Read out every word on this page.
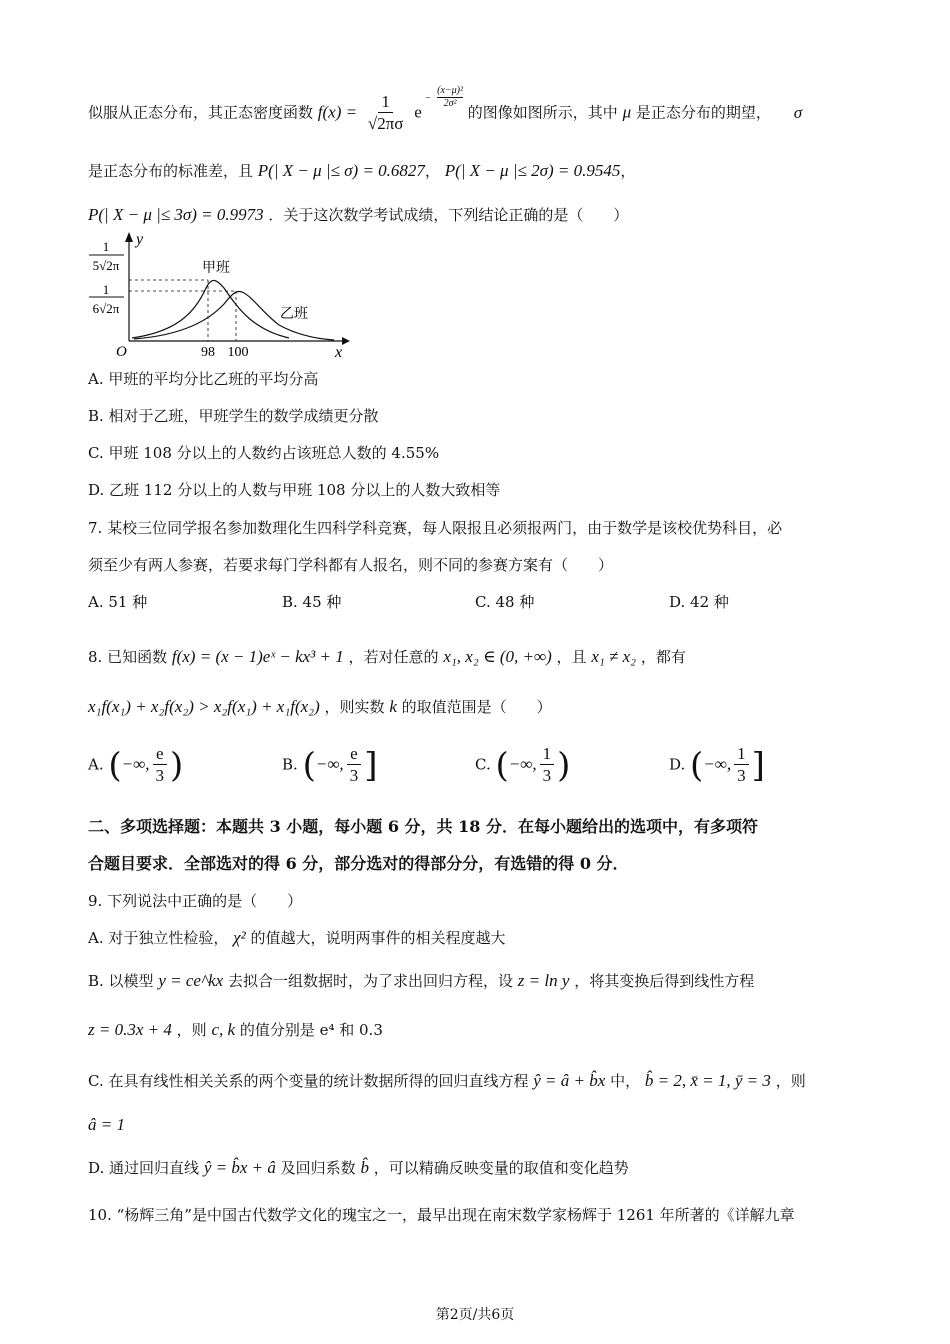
似服从正态分布，其正态密度函数 $f(x) = \frac{1}{√2\pi\sigma}$ $e - \frac{\text{(x−μ)²}}{\text{2σ²}}$
的图像如图所示，其中 μ 是正态分布的期望， σ
是正态分布的标准差，且 P(| X − μ |≤ σ) = 0.6827， P(| X − μ |≤ 2σ) = 0.9545，
P(| X − μ |≤ 3σ) = 0.9973 ．关于这次数学考试成绩，下列结论正确的是（　　）
y
x
O
1
5√2π
1
6√2π
98 100
甲班
乙班
A. 甲班的平均分比乙班的平均分高
B. 相对于乙班，甲班学生的数学成绩更分散
C. 甲班 108 分以上的人数约占该班总人数的 4.55%
D. 乙班 112 分以上的人数与甲班 108 分以上的人数大致相等
7. 某校三位同学报名参加数理化生四科学科竞赛，每人限报且必须报两门，由于数学是该校优势科目，必
须至少有两人参赛，若要求每门学科都有人报名，则不同的参赛方案有（　　）
A. 51 种	B. 45 种	C. 48 种	D. 42 种
8. 已知函数 f(x) = (x − 1)eˣ − kx³ + 1 ，若对任意的 x₁, x₂ ∈ (0, +∞) ，且 x₁ ≠ x₂ ，都有
x₁f(x₁) + x₂f(x₂) > x₂f(x₁) + x₁f(x₂) ，则实数 k 的取值范围是（　　）
A. (−∞, $\frac{e}{3}$ )	B. (−∞, $\frac{e}{3}$ ]	C. (−∞, $\frac{1}{3}$ )	D. (−∞, $\frac{1}{3}$ ]
二、多项选择题：本题共 3 小题，每小题 6 分，共 18 分．在每小题给出的选项中，有多项符
合题目要求．全部选对的得 6 分，部分选对的得部分分，有选错的得 0 分．
9. 下列说法中正确的是（　　）
A. 对于独立性检验， χ² 的值越大，说明两事件的相关程度越大
B. 以模型 y = ce^kx 去拟合一组数据时，为了求出回归方程，设 z = ln y ，将其变换后得到线性方程
z = 0.3x + 4 ，则 c, k 的值分别是 e⁴ 和 0.3
C. 在具有线性相关关系的两个变量的统计数据所得的回归直线方程 ŷ = â + b̂x 中， b̂ = 2, x̄ = 1, ȳ = 3 ，则
â = 1
D. 通过回归直线 ŷ = b̂x + â 及回归系数 b̂ ，可以精确反映变量的取值和变化趋势
10. “杨辉三角”是中国古代数学文化的瑰宝之一，最早出现在南宋数学家杨辉于 1261 年所著的《详解九章
第2页/共6页
